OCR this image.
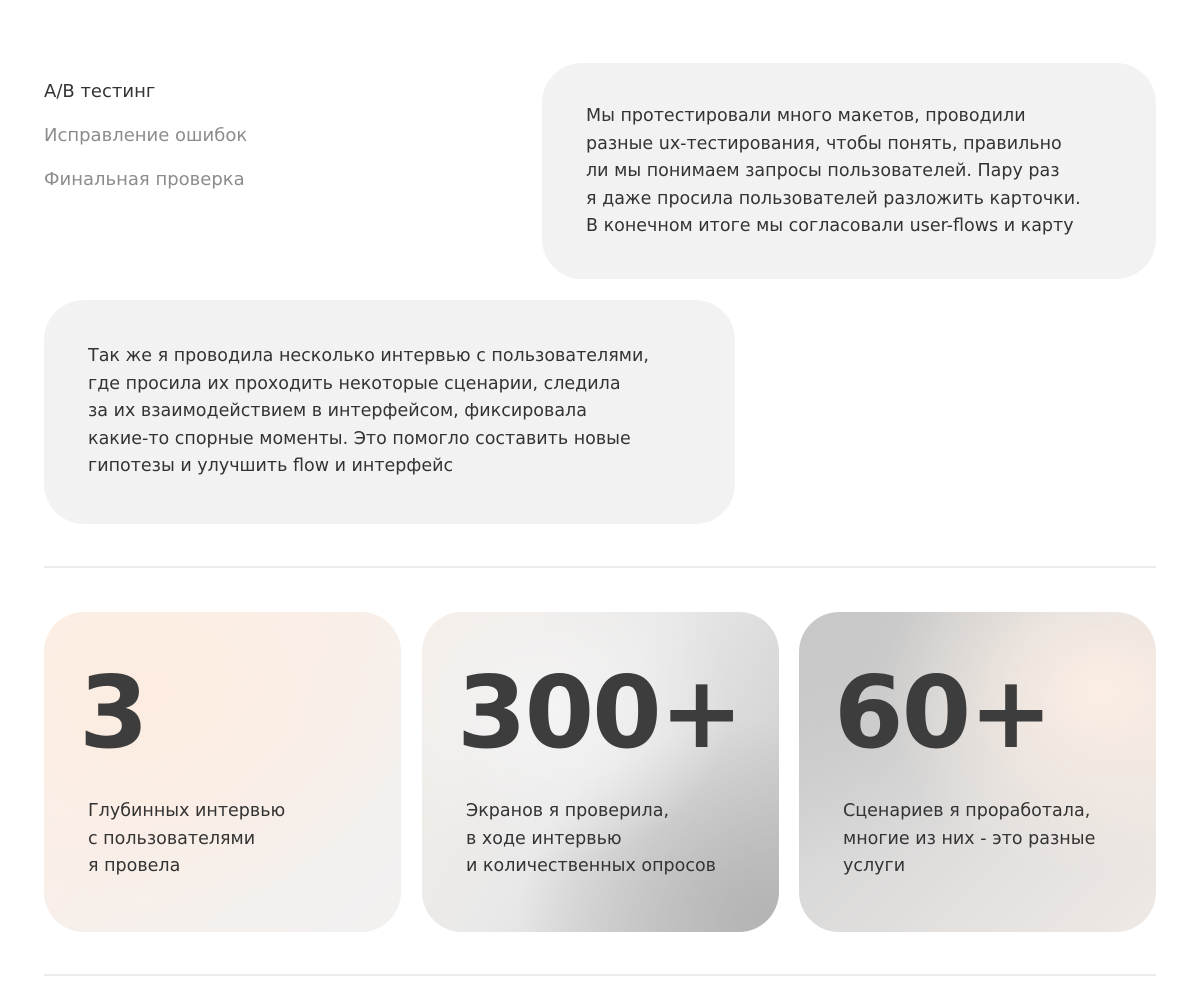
A/B тестинг
Исправление ошибок
Финальная проверка

Мы протестировали много макетов, проводили

разные ux-тестирования, чтобы понять, правильно

ли мы понимаем запросы пользователей. Пару раз

я даже просила пользователей разложить карточки.

В конечном итоге мы согласовали user-flows и карту

Так же я проводила несколько интервью с пользователями,

где просила их проходить некоторые сценарии, следила

за их взаимодействием в интерфейсом, фиксировала

какие-то спорные моменты. Это помогло составить новые

гипотезы и улучшить flow и интерфейс

3
Глубинных интервью
с пользователями
я провела
300+
Экранов я проверила,
в ходе интервью
и количественных опросов
60+
Сценариев я проработала,
многие из них - это разные
услуги
